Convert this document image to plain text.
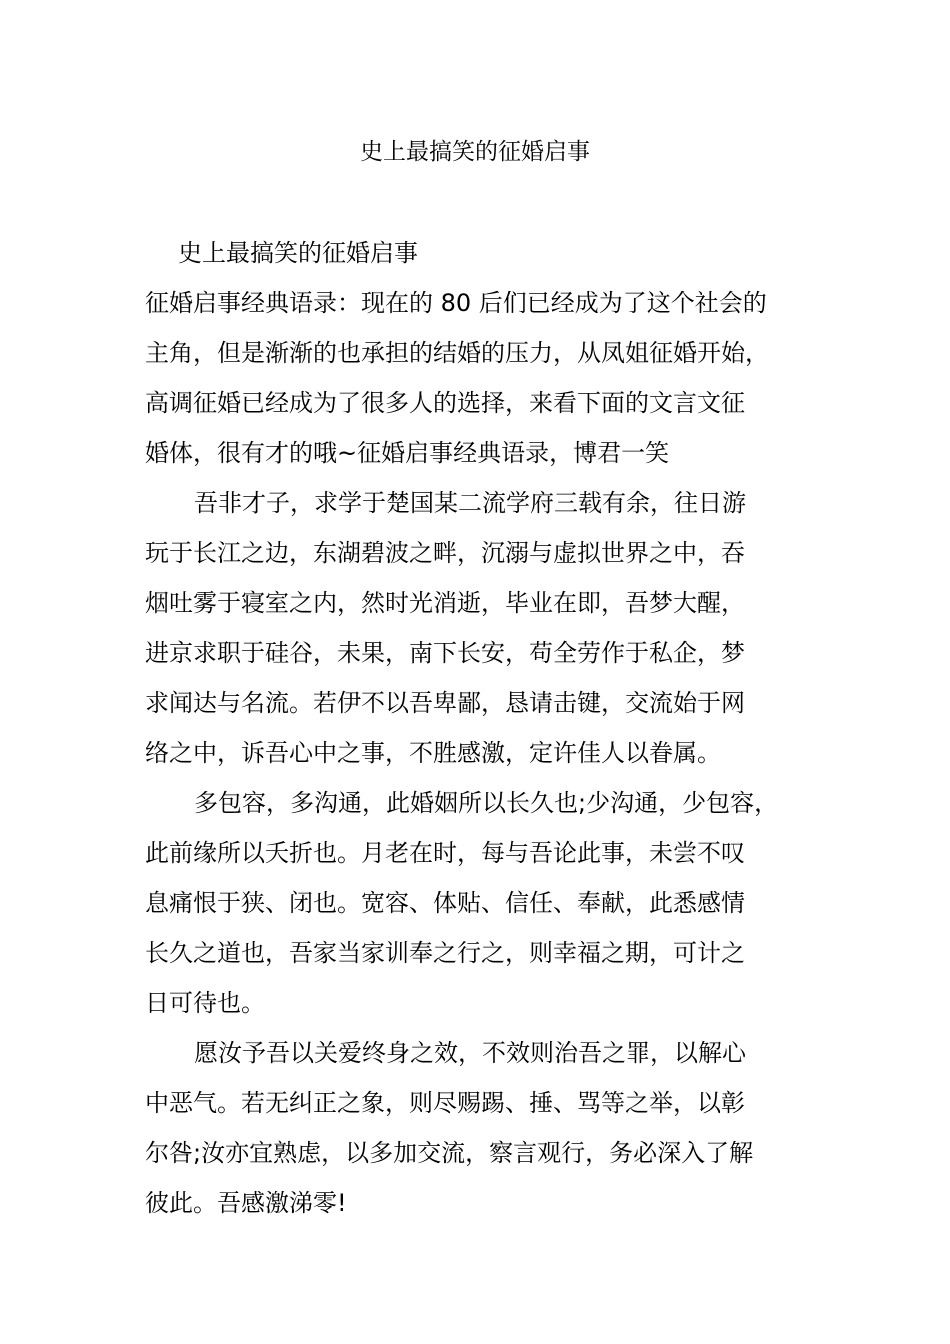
史上最搞笑的征婚启事
史上最搞笑的征婚启事
征婚启事经典语录：现在的 80 后们已经成为了这个社会的
主角，但是渐渐的也承担的结婚的压力，从凤姐征婚开始，
高调征婚已经成为了很多人的选择，来看下面的文言文征
婚体，很有才的哦~征婚启事经典语录，博君一笑
吾非才子，求学于楚国某二流学府三载有余，往日游
玩于长江之边，东湖碧波之畔，沉溺与虚拟世界之中，吞
烟吐雾于寝室之内，然时光消逝，毕业在即，吾梦大醒，
进京求职于硅谷，未果，南下长安，苟全劳作于私企，梦
求闻达与名流。若伊不以吾卑鄙，恳请击键，交流始于网
络之中，诉吾心中之事，不胜感激，定许佳人以眷属。
多包容，多沟通，此婚姻所以长久也;少沟通，少包容，
此前缘所以夭折也。月老在时，每与吾论此事，未尝不叹
息痛恨于狭、闭也。宽容、体贴、信任、奉献，此悉感情
长久之道也，吾家当家训奉之行之，则幸福之期，可计之
日可待也。
愿汝予吾以关爱终身之效，不效则治吾之罪，以解心
中恶气。若无纠正之象，则尽赐踢、捶、骂等之举，以彰
尔咎;汝亦宜熟虑，以多加交流，察言观行，务必深入了解
彼此。吾感激涕零!
